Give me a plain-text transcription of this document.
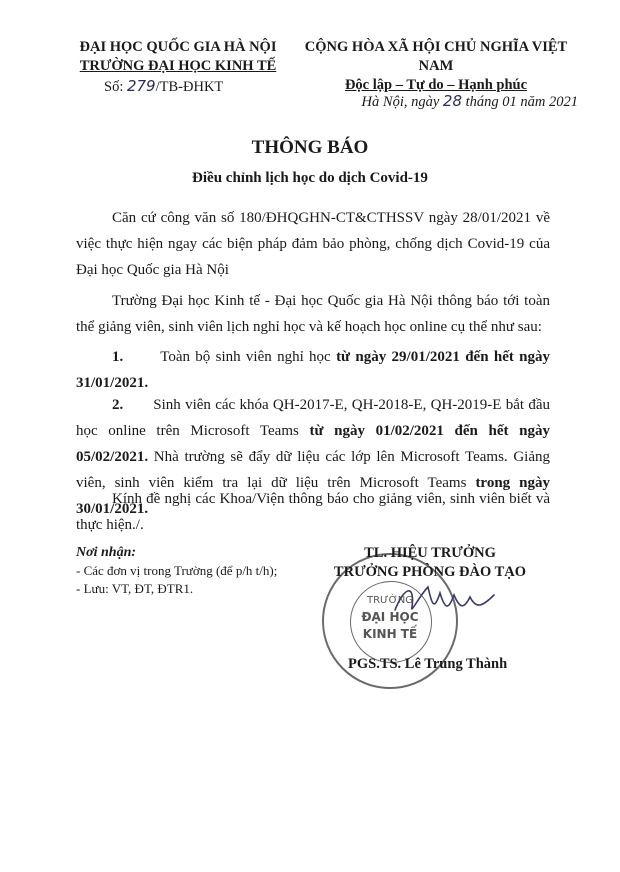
ĐẠI HỌC QUỐC GIA HÀ NỘI
TRƯỜNG ĐẠI HỌC KINH TẾ
Số: 279/TB-ĐHKT
CỘNG HÒA XÃ HỘI CHỦ NGHĨA VIỆT NAM
Độc lập – Tự do – Hạnh phúc
Hà Nội, ngày 28 tháng 01 năm 2021
THÔNG BÁO
Điều chỉnh lịch học do dịch Covid-19
Căn cứ công văn số 180/ĐHQGHN-CT&CTHSSV ngày 28/01/2021 về việc thực hiện ngay các biện pháp đảm bảo phòng, chống dịch Covid-19 của Đại học Quốc gia Hà Nội
Trường Đại học Kinh tế - Đại học Quốc gia Hà Nội thông báo tới toàn thể giảng viên, sinh viên lịch nghỉ học và kế hoạch học online cụ thể như sau:
1. Toàn bộ sinh viên nghỉ học từ ngày 29/01/2021 đến hết ngày 31/01/2021.
2. Sinh viên các khóa QH-2017-E, QH-2018-E, QH-2019-E bắt đầu học online trên Microsoft Teams từ ngày 01/02/2021 đến hết ngày 05/02/2021. Nhà trường sẽ đẩy dữ liệu các lớp lên Microsoft Teams. Giảng viên, sinh viên kiểm tra lại dữ liệu trên Microsoft Teams trong ngày 30/01/2021.
Kính đề nghị các Khoa/Viện thông báo cho giảng viên, sinh viên biết và thực hiện./.
Nơi nhận:
- Các đơn vị trong Trường (để p/h t/h);
- Lưu: VT, ĐT, ĐTR1.
TRƯỜNG
ĐẠI HỌC
KINH TẾ
TL. HIỆU TRƯỞNG
TRƯỞNG PHÒNG ĐÀO TẠO
PGS.TS. Lê Trung Thành
